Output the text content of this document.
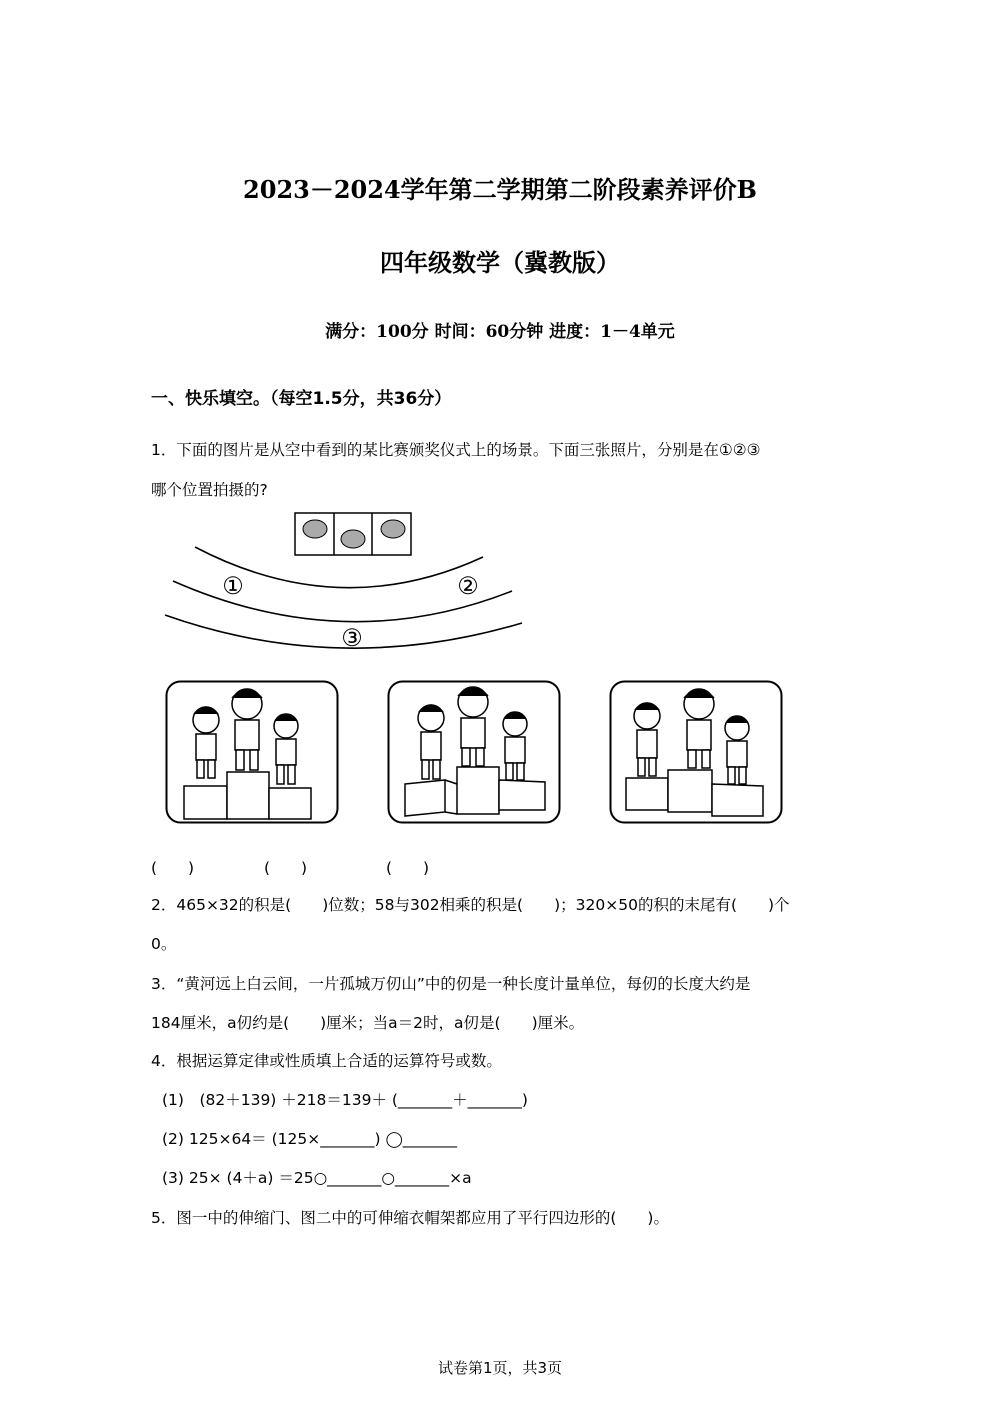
2023－2024学年第二学期第二阶段素养评价B
四年级数学（冀教版）
满分：100分 时间：60分钟 进度：1－4单元
一、快乐填空。（每空1.5分，共36分）
1．下面的图片是从空中看到的某比赛颁奖仪式上的场景。下面三张照片，分别是在①②③
哪个位置拍摄的?
①	②
③
(　　)	(　　)	(　　)
2．465×32的积是(　　)位数；58与302相乘的积是(　　)；320×50的积的末尾有(　　)个
0。
3．“黄河远上白云间，一片孤城万仞山”中的仞是一种长度计量单位，每仞的长度大约是
184厘米，a仞约是(　　)厘米；当a＝2时，a仞是(　　)厘米。
4．根据运算定律或性质填上合适的运算符号或数。
(1)　(82＋139) ＋218＝139＋ (_______＋_______)
(2) 125×64＝ (125×_______) ◯_______
(3) 25× (4＋a) ＝25○_______○_______×a
5．图一中的伸缩门、图二中的可伸缩衣帽架都应用了平行四边形的(　　)。
试卷第1页，共3页
